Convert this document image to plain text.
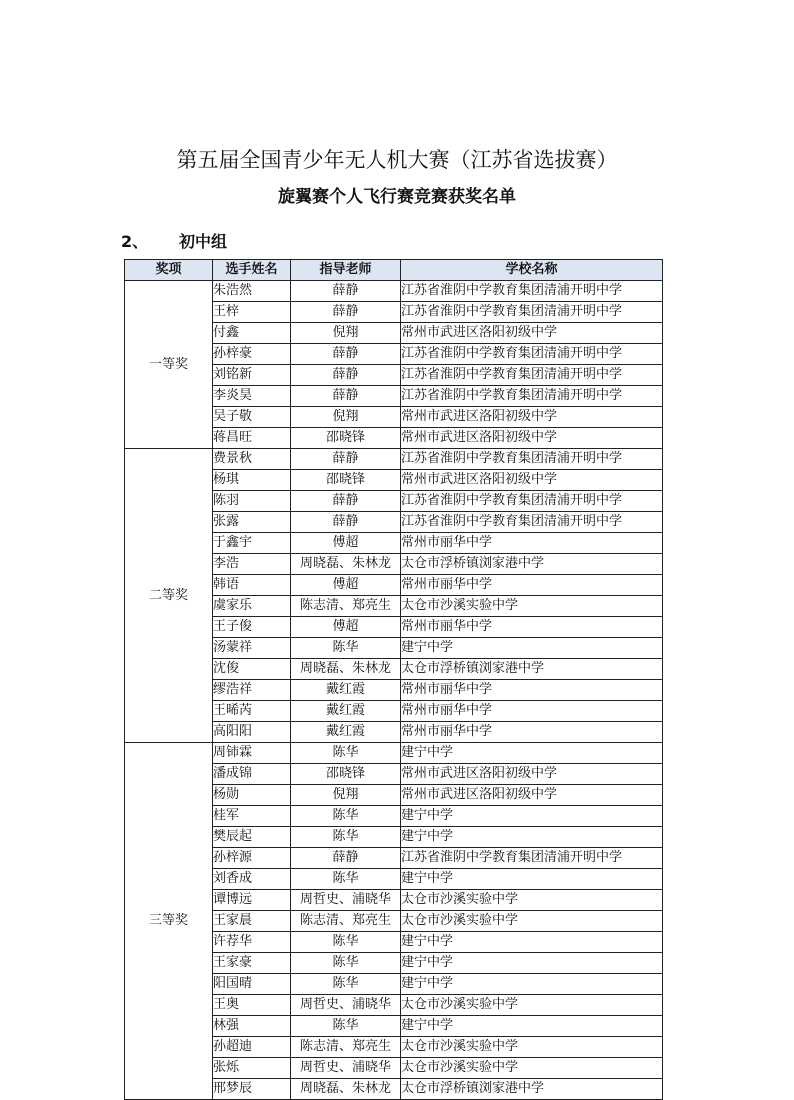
第五届全国青少年无人机大赛（江苏省选拔赛）
旋翼赛个人飞行赛竞赛获奖名单
2、 初中组
奖项	选手姓名	指导老师	学校名称
一等奖	朱浩然	薛静	江苏省淮阴中学教育集团清浦开明中学
	王梓	薛静	江苏省淮阴中学教育集团清浦开明中学
	付鑫	倪翔	常州市武进区洛阳初级中学
	孙梓豪	薛静	江苏省淮阴中学教育集团清浦开明中学
	刘铭新	薛静	江苏省淮阴中学教育集团清浦开明中学
	李炎昊	薛静	江苏省淮阴中学教育集团清浦开明中学
	吴子敬	倪翔	常州市武进区洛阳初级中学
	蒋昌旺	邵晓锋	常州市武进区洛阳初级中学
二等奖	费景秋	薛静	江苏省淮阴中学教育集团清浦开明中学
	杨琪	邵晓锋	常州市武进区洛阳初级中学
	陈羽	薛静	江苏省淮阴中学教育集团清浦开明中学
	张露	薛静	江苏省淮阴中学教育集团清浦开明中学
	于鑫宇	傅超	常州市丽华中学
	李浩	周晓磊、朱林龙	太仓市浮桥镇浏家港中学
	韩语	傅超	常州市丽华中学
	虞家乐	陈志清、郑亮生	太仓市沙溪实验中学
	王子俊	傅超	常州市丽华中学
	汤蒙祥	陈华	建宁中学
	沈俊	周晓磊、朱林龙	太仓市浮桥镇浏家港中学
	缪浩祥	戴红霞	常州市丽华中学
	王晞芮	戴红霞	常州市丽华中学
	高阳阳	戴红霞	常州市丽华中学
三等奖	周铈霖	陈华	建宁中学
	潘成锦	邵晓锋	常州市武进区洛阳初级中学
	杨勋	倪翔	常州市武进区洛阳初级中学
	桂军	陈华	建宁中学
	樊辰起	陈华	建宁中学
	孙梓源	薛静	江苏省淮阴中学教育集团清浦开明中学
	刘香成	陈华	建宁中学
	谭博远	周哲史、浦晓华	太仓市沙溪实验中学
	王家晨	陈志清、郑亮生	太仓市沙溪实验中学
	许荐华	陈华	建宁中学
	王家豪	陈华	建宁中学
	阳国晴	陈华	建宁中学
	王奥	周哲史、浦晓华	太仓市沙溪实验中学
	林强	陈华	建宁中学
	孙超迪	陈志清、郑亮生	太仓市沙溪实验中学
	张烁	周哲史、浦晓华	太仓市沙溪实验中学
	邢梦辰	周晓磊、朱林龙	太仓市浮桥镇浏家港中学
